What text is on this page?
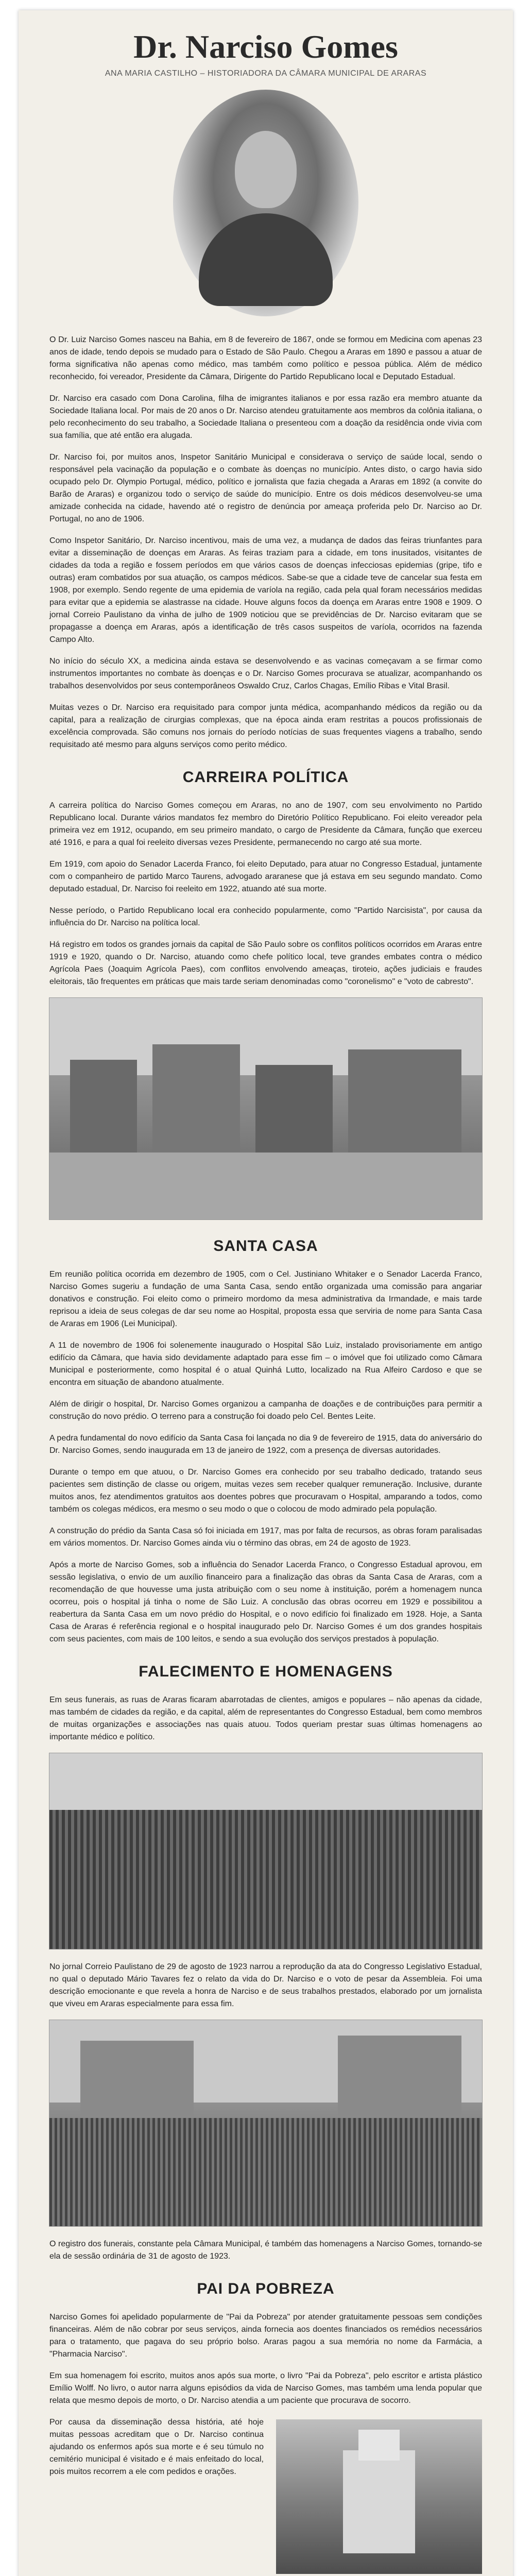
Dr. Narciso Gomes
ANA MARIA CASTILHO – HISTORIADORA DA CÂMARA MUNICIPAL DE ARARAS

O Dr. Luiz Narciso Gomes nasceu na Bahia, em 8 de fevereiro de 1867, onde se formou em Medicina com apenas 23 anos de idade, tendo depois se mudado para o Estado de São Paulo. Chegou a Araras em 1890 e passou a atuar de forma significativa não apenas como médico, mas também como político e pessoa pública. Além de médico reconhecido, foi vereador, Presidente da Câmara, Dirigente do Partido Republicano local e Deputado Estadual.

Dr. Narciso era casado com Dona Carolina, filha de imigrantes italianos e por essa razão era membro atuante da Sociedade Italiana local. Por mais de 20 anos o Dr. Narciso atendeu gratuitamente aos membros da colônia italiana, o pelo reconhecimento do seu trabalho, a Sociedade Italiana o presenteou com a doação da residência onde vivia com sua família, que até então era alugada.

Dr. Narciso foi, por muitos anos, Inspetor Sanitário Municipal e considerava o serviço de saúde local, sendo o responsável pela vacinação da população e o combate às doenças no município. Antes disto, o cargo havia sido ocupado pelo Dr. Olympio Portugal, médico, político e jornalista que fazia chegada a Araras em 1892 (a convite do Barão de Araras) e organizou todo o serviço de saúde do município. Entre os dois médicos desenvolveu-se uma amizade conhecida na cidade, havendo até o registro de denúncia por ameaça proferida pelo Dr. Narciso ao Dr. Portugal, no ano de 1906.

Como Inspetor Sanitário, Dr. Narciso incentivou, mais de uma vez, a mudança de dados das feiras triunfantes para evitar a disseminação de doenças em Araras. As feiras traziam para a cidade, em tons inusitados, visitantes de cidades da toda a região e fossem períodos em que vários casos de doenças infecciosas epidemias (gripe, tifo e outras) eram combatidos por sua atuação, os campos médicos. Sabe-se que a cidade teve de cancelar sua festa em 1908, por exemplo. Sendo regente de uma epidemia de varíola na região, cada pela qual foram necessários medidas para evitar que a epidemia se alastrasse na cidade. Houve alguns focos da doença em Araras entre 1908 e 1909. O jornal Correio Paulistano da vinha de julho de 1909 noticiou que se previdências de Dr. Narciso evitaram que se propagasse a doença em Araras, após a identificação de três casos suspeitos de varíola, ocorridos na fazenda Campo Alto.

No início do século XX, a medicina ainda estava se desenvolvendo e as vacinas começavam a se firmar como instrumentos importantes no combate às doenças e o Dr. Narciso Gomes procurava se atualizar, acompanhando os trabalhos desenvolvidos por seus contemporâneos Oswaldo Cruz, Carlos Chagas, Emílio Ribas e Vital Brasil.

Muitas vezes o Dr. Narciso era requisitado para compor junta médica, acompanhando médicos da região ou da capital, para a realização de cirurgias complexas, que na época ainda eram restritas a poucos profissionais de excelência comprovada. São comuns nos jornais do período notícias de suas frequentes viagens a trabalho, sendo requisitado até mesmo para alguns serviços como perito médico.

CARREIRA POLÍTICA

A carreira política do Narciso Gomes começou em Araras, no ano de 1907, com seu envolvimento no Partido Republicano local. Durante vários mandatos fez membro do Diretório Político Republicano. Foi eleito vereador pela primeira vez em 1912, ocupando, em seu primeiro mandato, o cargo de Presidente da Câmara, função que exerceu até 1916, e para a qual foi reeleito diversas vezes Presidente, permanecendo no cargo até sua morte.

Em 1919, com apoio do Senador Lacerda Franco, foi eleito Deputado, para atuar no Congresso Estadual, juntamente com o companheiro de partido Marco Taurens, advogado araranese que já estava em seu segundo mandato. Como deputado estadual, Dr. Narciso foi reeleito em 1922, atuando até sua morte.

Nesse período, o Partido Republicano local era conhecido popularmente, como "Partido Narcisista", por causa da influência do Dr. Narciso na política local.

Há registro em todos os grandes jornais da capital de São Paulo sobre os conflitos políticos ocorridos em Araras entre 1919 e 1920, quando o Dr. Narciso, atuando como chefe político local, teve grandes embates contra o médico Agrícola Paes (Joaquim Agrícola Paes), com conflitos envolvendo ameaças, tiroteio, ações judiciais e fraudes eleitorais, tão frequentes em práticas que mais tarde seriam denominadas como "coronelismo" e "voto de cabresto".

SANTA CASA

Em reunião política ocorrida em dezembro de 1905, com o Cel. Justiniano Whitaker e o Senador Lacerda Franco, Narciso Gomes sugeriu a fundação de uma Santa Casa, sendo então organizada uma comissão para angariar donativos e construção. Foi eleito como o primeiro mordomo da mesa administrativa da Irmandade, e mais tarde reprisou a ideia de seus colegas de dar seu nome ao Hospital, proposta essa que serviria de nome para Santa Casa de Araras em 1906 (Lei Municipal).

A 11 de novembro de 1906 foi solenemente inaugurado o Hospital São Luiz, instalado provisoriamente em antigo edifício da Câmara, que havia sido devidamente adaptado para esse fim – o imóvel que foi utilizado como Câmara Municipal e posteriormente, como hospital é o atual Quinhá Lutto, localizado na Rua Alfeiro Cardoso e que se encontra em situação de abandono atualmente.

Além de dirigir o hospital, Dr. Narciso Gomes organizou a campanha de doações e de contribuições para permitir a construção do novo prédio. O terreno para a construção foi doado pelo Cel. Bentes Leite.

A pedra fundamental do novo edifício da Santa Casa foi lançada no dia 9 de fevereiro de 1915, data do aniversário do Dr. Narciso Gomes, sendo inaugurada em 13 de janeiro de 1922, com a presença de diversas autoridades.

Durante o tempo em que atuou, o Dr. Narciso Gomes era conhecido por seu trabalho dedicado, tratando seus pacientes sem distinção de classe ou origem, muitas vezes sem receber qualquer remuneração. Inclusive, durante muitos anos, fez atendimentos gratuitos aos doentes pobres que procuravam o Hospital, amparando a todos, como também os colegas médicos, era mesmo o seu modo o que o colocou de modo admirado pela população.

A construção do prédio da Santa Casa só foi iniciada em 1917, mas por falta de recursos, as obras foram paralisadas em vários momentos. Dr. Narciso Gomes ainda viu o término das obras, em 24 de agosto de 1923.

Após a morte de Narciso Gomes, sob a influência do Senador Lacerda Franco, o Congresso Estadual aprovou, em sessão legislativa, o envio de um auxílio financeiro para a finalização das obras da Santa Casa de Araras, com a recomendação de que houvesse uma justa atribuição com o seu nome à instituição, porém a homenagem nunca ocorreu, pois o hospital já tinha o nome de São Luiz. A conclusão das obras ocorreu em 1929 e possibilitou a reabertura da Santa Casa em um novo prédio do Hospital, e o novo edifício foi finalizado em 1928. Hoje, a Santa Casa de Araras é referência regional e o hospital inaugurado pelo Dr. Narciso Gomes é um dos grandes hospitais com seus pacientes, com mais de 100 leitos, e sendo a sua evolução dos serviços prestados à população.

FALECIMENTO E HOMENAGENS

Em seus funerais, as ruas de Araras ficaram abarrotadas de clientes, amigos e populares – não apenas da cidade, mas também de cidades da região, e da capital, além de representantes do Congresso Estadual, bem como membros de muitas organizações e associações nas quais atuou. Todos queriam prestar suas últimas homenagens ao importante médico e político.

No jornal Correio Paulistano de 29 de agosto de 1923 narrou a reprodução da ata do Congresso Legislativo Estadual, no qual o deputado Mário Tavares fez o relato da vida do Dr. Narciso e o voto de pesar da Assembleia. Foi uma descrição emocionante e que revela a honra de Narciso e de seus trabalhos prestados, elaborado por um jornalista que viveu em Araras especialmente para essa fim.

O registro dos funerais, constante pela Câmara Municipal, é também das homenagens a Narciso Gomes, tornando-se ela de sessão ordinária de 31 de agosto de 1923.

PAI DA POBREZA

Narciso Gomes foi apelidado popularmente de "Pai da Pobreza" por atender gratuitamente pessoas sem condições financeiras. Além de não cobrar por seus serviços, ainda fornecia aos doentes financiados os remédios necessários para o tratamento, que pagava do seu próprio bolso. Araras pagou a sua memória no nome da Farmácia, a "Pharmacia Narciso".

Em sua homenagem foi escrito, muitos anos após sua morte, o livro "Pai da Pobreza", pelo escritor e artista plástico Emílio Wolff. No livro, o autor narra alguns episódios da vida de Narciso Gomes, mas também uma lenda popular que relata que mesmo depois de morto, o Dr. Narciso atendia a um paciente que procurava de socorro.

Por causa da disseminação dessa história, até hoje muitas pessoas acreditam que o Dr. Narciso continua ajudando os enfermos após sua morte e é seu túmulo no cemitério municipal é visitado e é mais enfeitado do local, pois muitos recorrem a ele com pedidos e orações.
